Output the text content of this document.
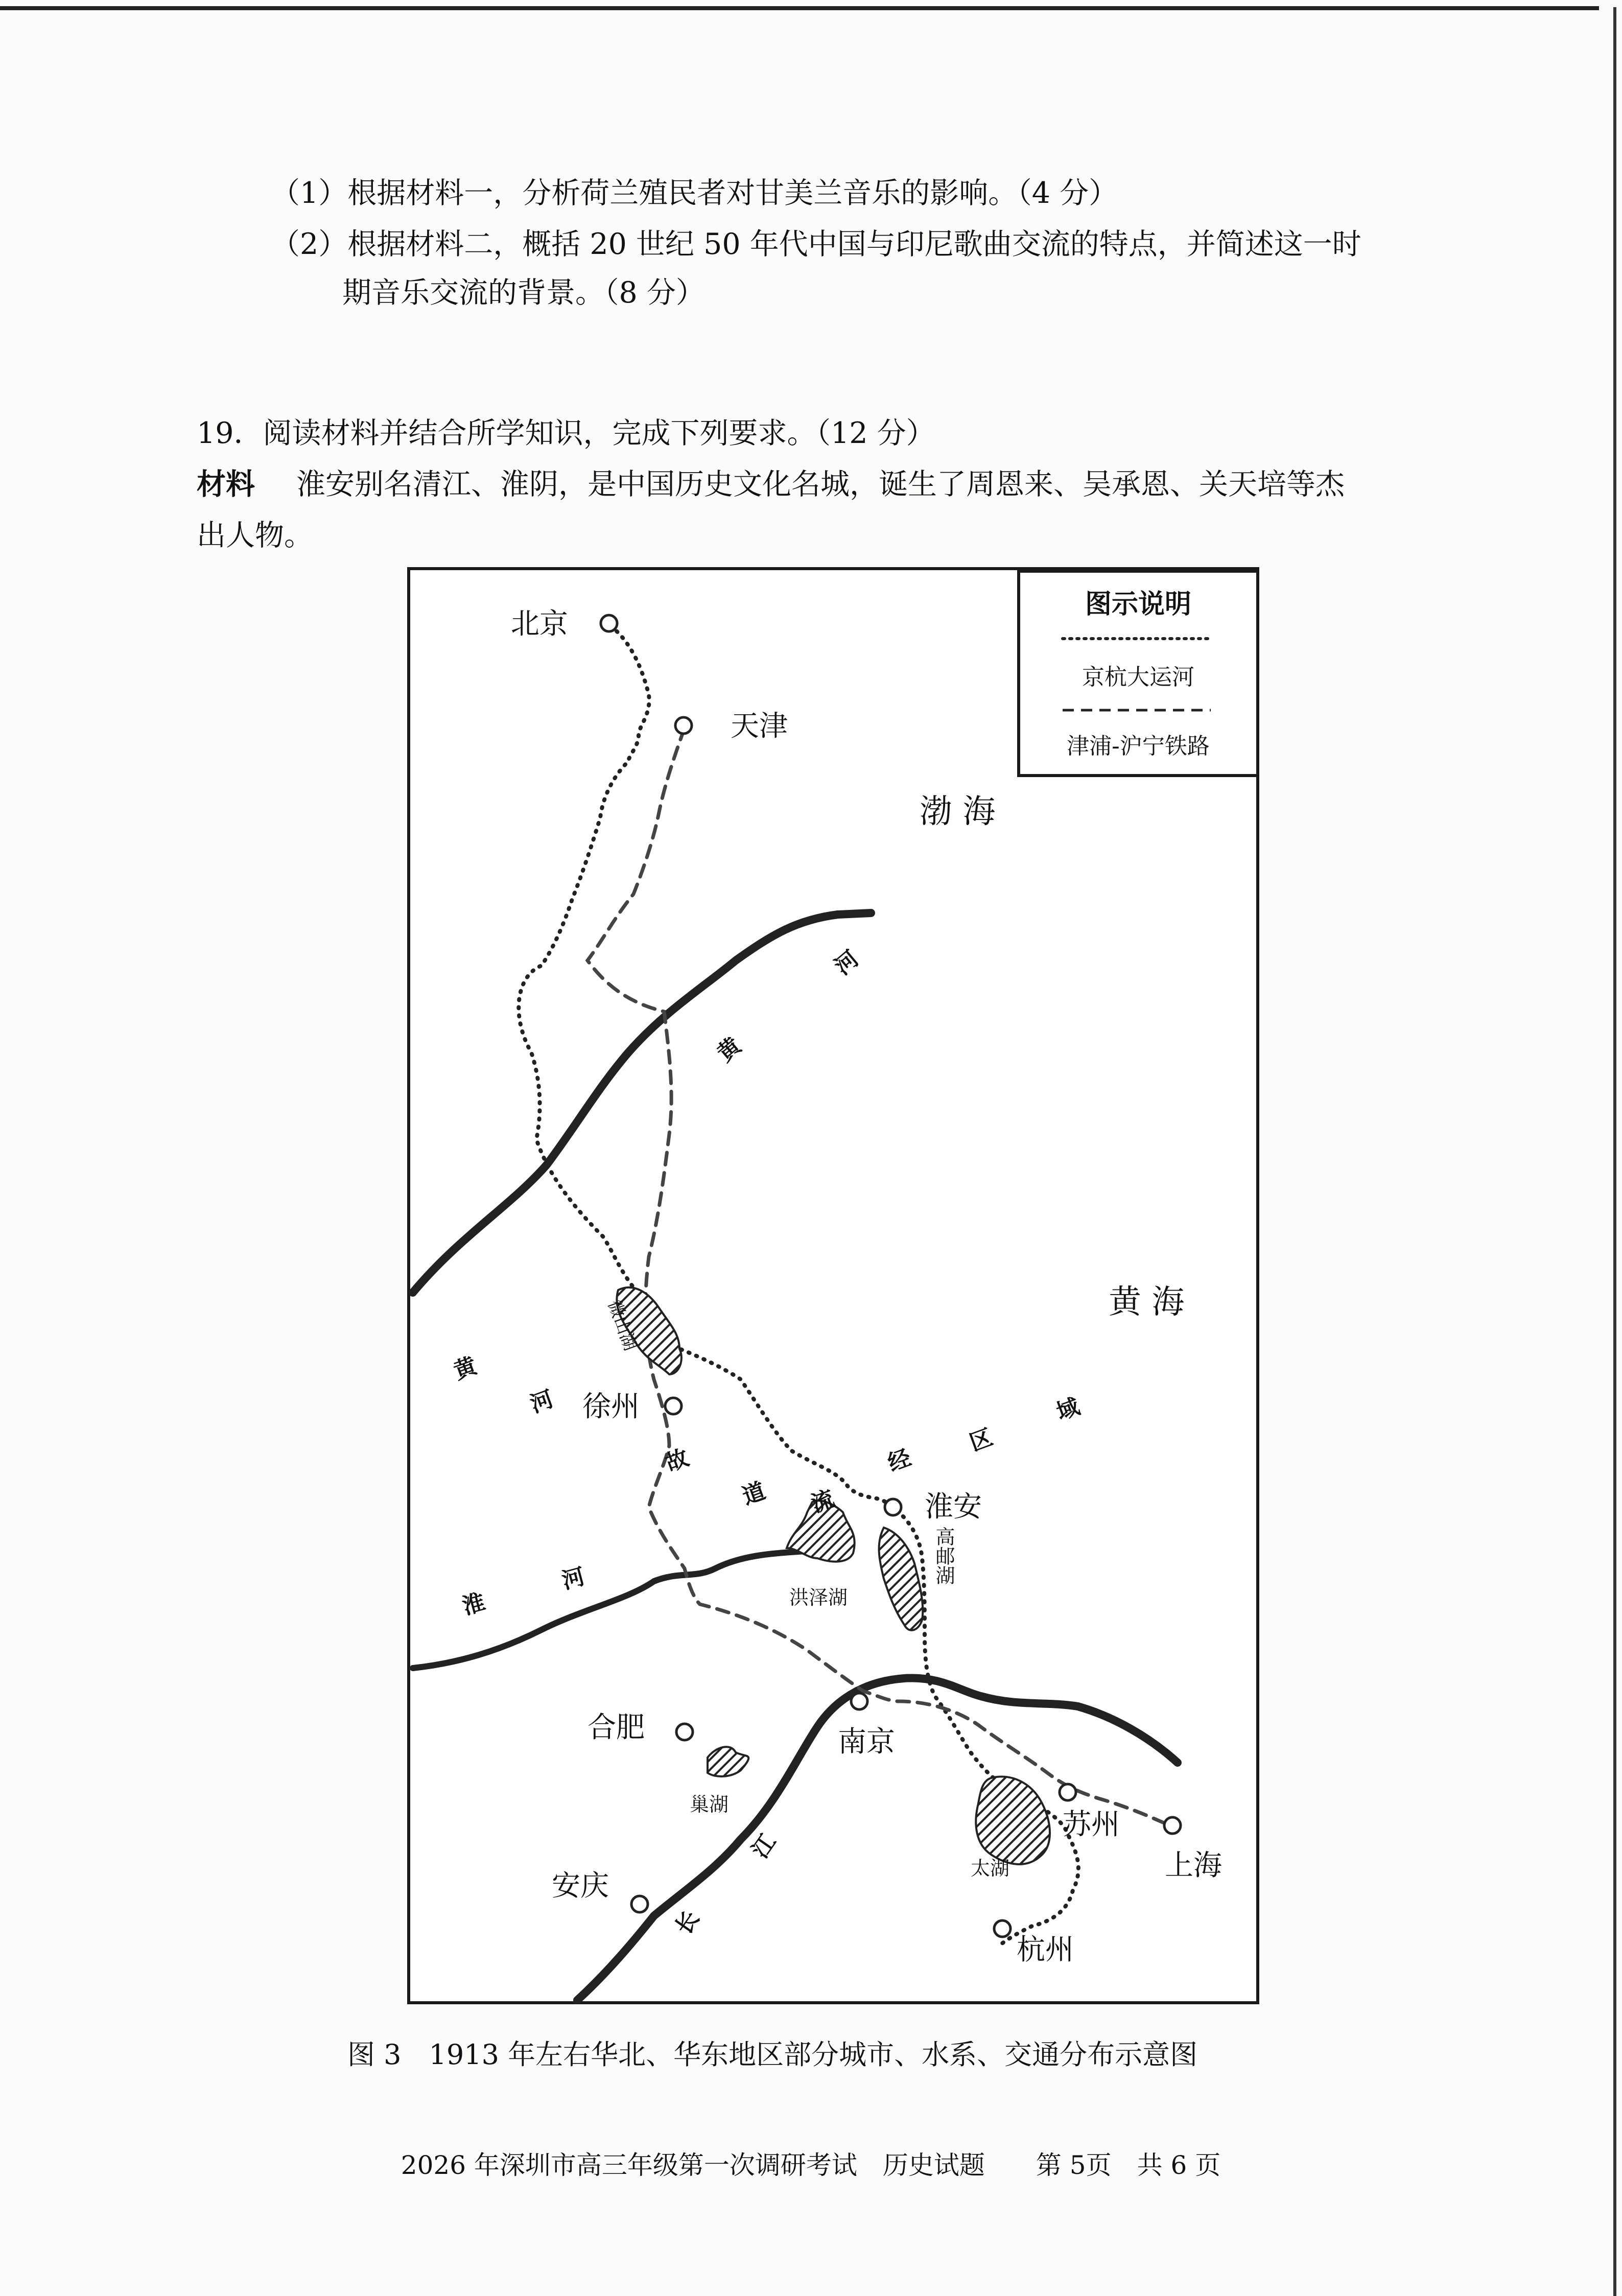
（1）根据材料一，分析荷兰殖民者对甘美兰音乐的影响。（4 分）
（2）根据材料二，概括 20 世纪 50 年代中国与印尼歌曲交流的特点，并简述这一时
期音乐交流的背景。（8 分）
19．阅读材料并结合所学知识，完成下列要求。（12 分）
材料 淮安别名清江、淮阴，是中国历史文化名城，诞生了周恩来、吴承恩、关天培等杰
出人物。
图示说明
京杭大运河
津浦-沪宁铁路
渤 海
黄 海
北京
天津
徐州
淮安
南京
合肥
安庆
苏州
上海
杭州
微山湖
洪泽湖
高邮湖
巢湖
太湖
河
黄
黄
河
故
道 流
经
区
域
淮
河
长
江
图 3　1913 年左右华北、华东地区部分城市、水系、交通分布示意图
2026 年深圳市高三年级第一次调研考试　历史试题　　第 5页　共 6 页
